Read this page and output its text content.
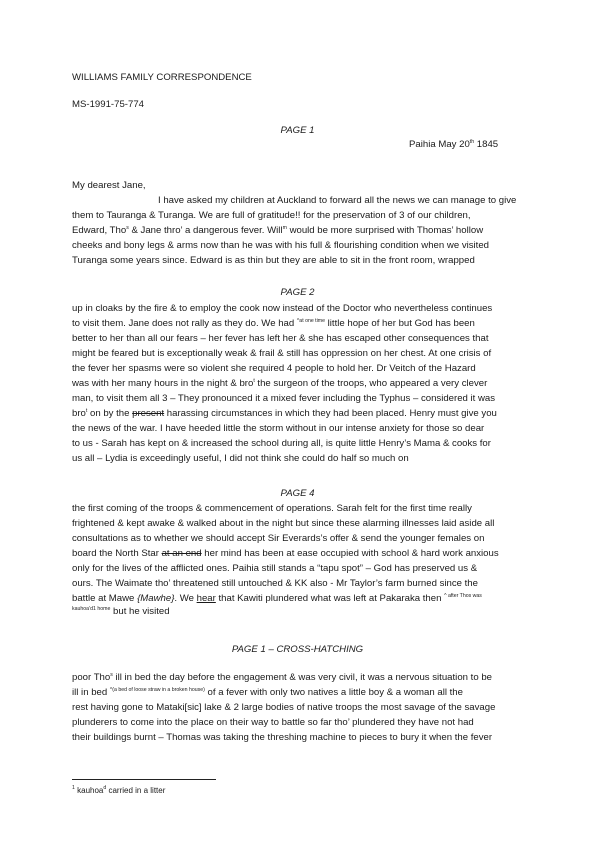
WILLIAMS FAMILY CORRESPONDENCE
MS-1991-75-774
PAGE 1
Paihia May 20th 1845
My dearest Jane,
I have asked my children at Auckland to forward all the news we can manage to give
them to Tauranga & Turanga. We are full of gratitude!! for the preservation of 3 of our children,
Edward, Tho$^s$ & Jane thro’ a dangerous fever. Will$^m$ would be more surprised with Thomas’ hollow
cheeks and bony legs & arms now than he was with his full & flourishing condition when we visited
Turanga some years since. Edward is as thin but they are able to sit in the front room, wrapped
PAGE 2
up in cloaks by the fire & to employ the cook now instead of the Doctor who nevertheless continues
to visit them. Jane does not rally as they do. We had $^{\^{}at one time}$ little hope of her but God has been
better to her than all our fears – her fever has left her & she has escaped other consequences that
might be feared but is exceptionally weak & frail & still has oppression on her chest. At one crisis of
the fever her spasms were so violent she required 4 people to hold her. Dr Veitch of the Hazard
was with her many hours in the night & bro$^t$ the surgeon of the troops, who appeared a very clever
man, to visit them all 3 – They pronounced it a mixed fever including the Typhus – considered it was
bro$^t$ on by the present harassing circumstances in which they had been placed. Henry must give you
the news of the war. I have heeded little the storm without in our intense anxiety for those so dear
to us - Sarah has kept on & increased the school during all, is quite little Henry’s Mama & cooks for
us all – Lydia is exceedingly useful, I did not think she could do half so much on
PAGE 4
the first coming of the troops & commencement of operations. Sarah felt for the first time really
frightened & kept awake & walked about in the night but since these alarming illnesses laid aside all
consultations as to whether we should accept Sir Everards’s offer & send the younger females on
board the North Star at an end her mind has been at ease occupied with school & hard work anxious
only for the lives of the afflicted ones. Paihia still stands a “tapu spot” – God has preserved us &
ours. The Waimate tho’ threatened still untouched & KK also - Mr Taylor’s farm burned since the
battle at Mawe {Mawhe}. We hear that Kawiti plundered what was left at Pakaraka then $^{\^{} after Thos was}$
$^{kauhoa’d1 home}$ but he visited
PAGE 1 – CROSS-HATCHING
poor Tho$^s$ ill in bed the day before the engagement & was very civil, it was a nervous situation to be
ill in bed $^{\^{}(a bed of loose straw in a broken house)}$ of a fever with only two natives a little boy & a woman all the
rest having gone to Mataki[sic] lake & 2 large bodies of native troops the most savage of the savage
plunderers to come into the place on their way to battle so far tho’ plundered they have not had
their buildings burnt – Thomas was taking the threshing machine to pieces to bury it when the fever
$^1$ kauhoa$^d$ carried in a litter
